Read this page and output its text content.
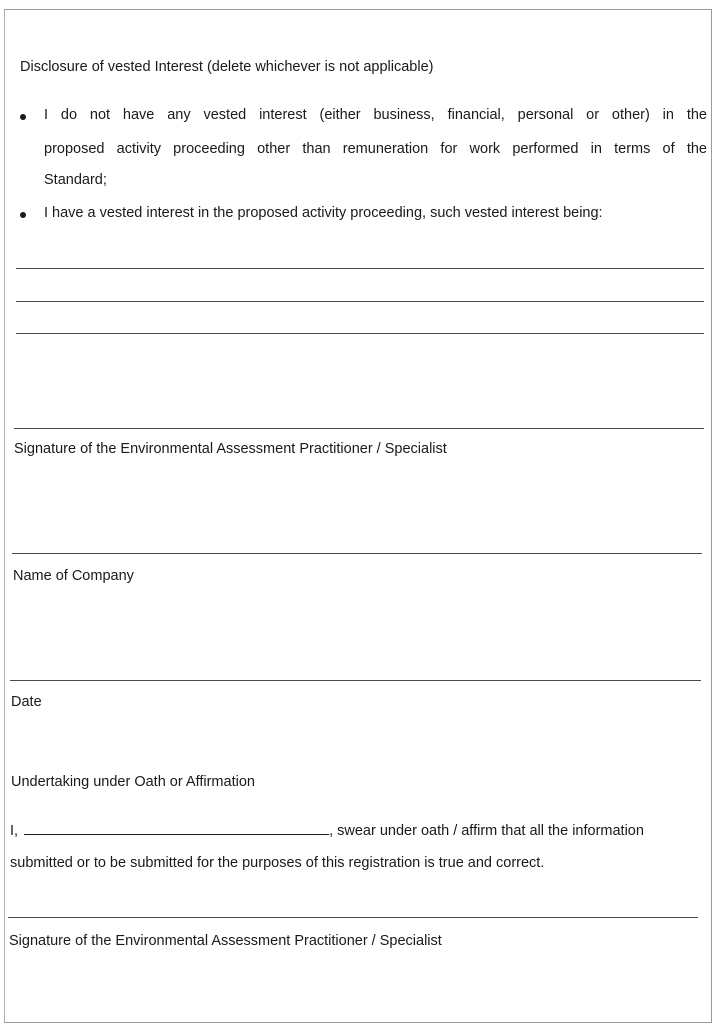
Disclosure of vested Interest (delete whichever is not applicable)
I do not have any vested interest (either business, financial, personal or other) in the
proposed activity proceeding other than remuneration for work performed in terms of the
Standard;
I have a vested interest in the proposed activity proceeding, such vested interest being:
Signature of the Environmental Assessment Practitioner / Specialist
Name of Company
Date
Undertaking under Oath or Affirmation
I,	, swear under oath / affirm that all the information
submitted or to be submitted for the purposes of this registration is true and correct.
Signature of the Environmental Assessment Practitioner / Specialist
